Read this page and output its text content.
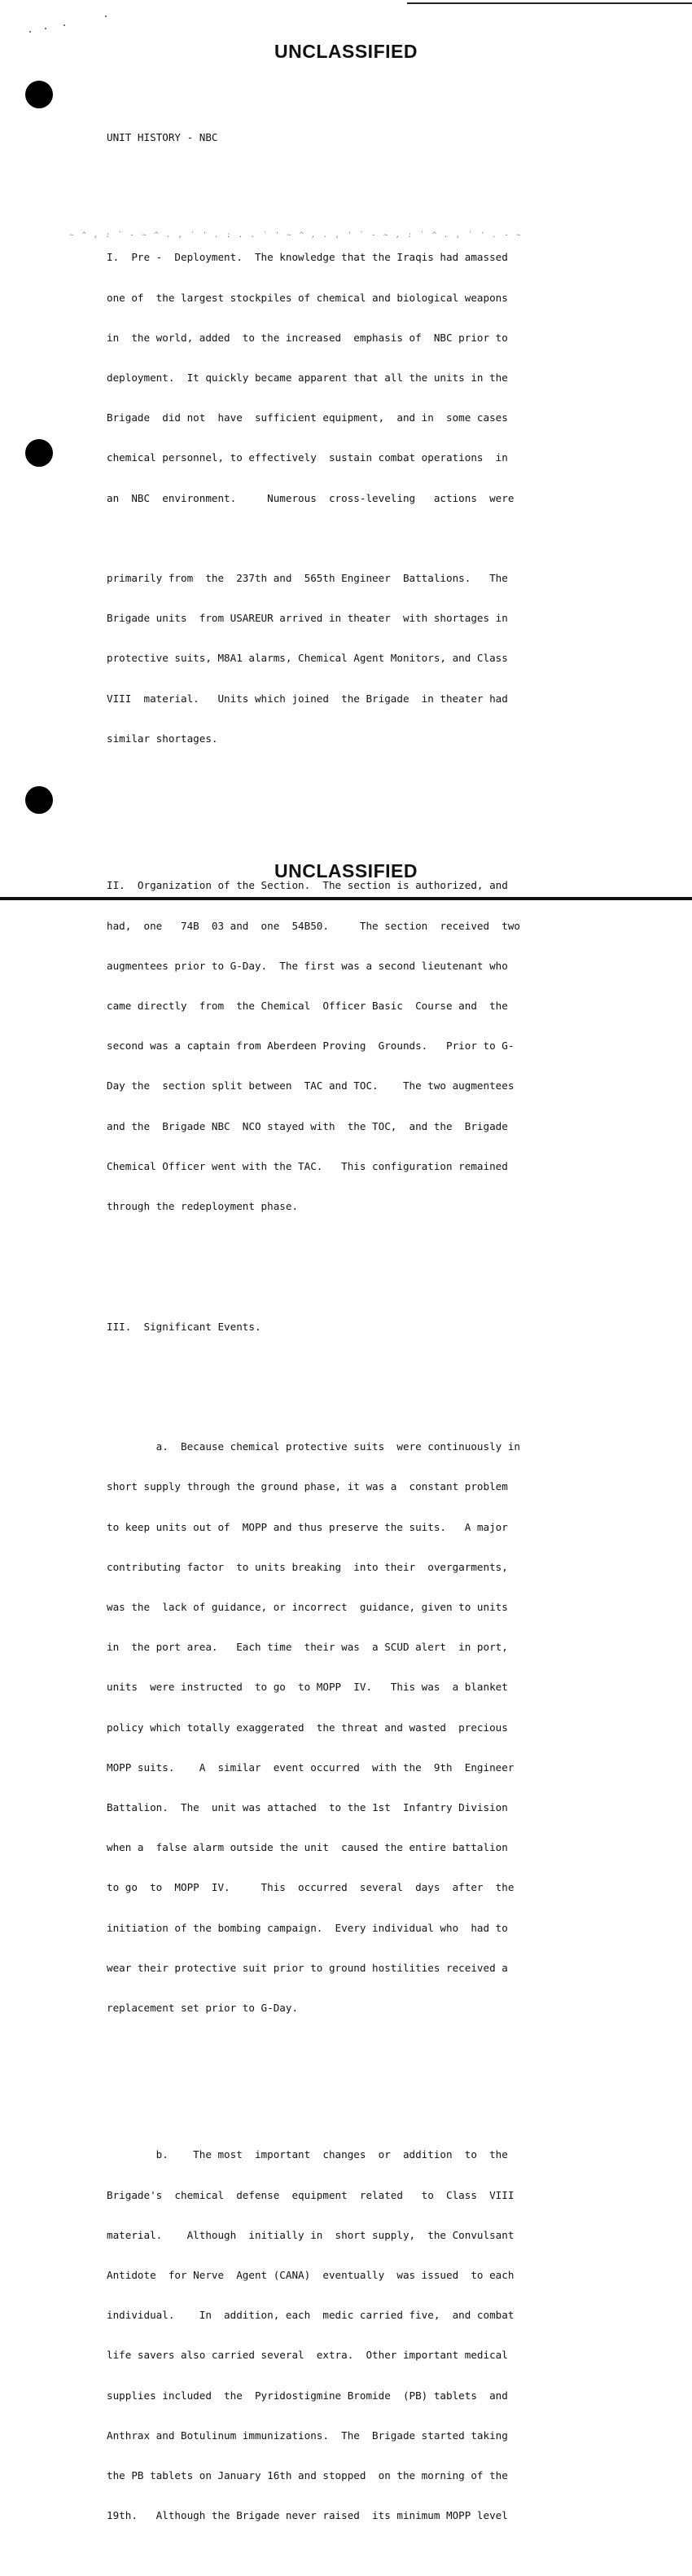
UNCLASSIFIED
~ ^ , : ` - ~ ^ . , ` ' . : . . ` ' ~ ^ , . , ' ` - ~ , : ` ^ . , ` ' . - ~

UNIT HISTORY - NBC

I.  Pre -  Deployment.  The knowledge that the Iraqis had amassed

one of  the largest stockpiles of chemical and biological weapons

in  the world, added  to the increased  emphasis of  NBC prior to

deployment.  It quickly became apparent that all the units in the

Brigade  did not  have  sufficient equipment,  and in  some cases

chemical personnel, to effectively  sustain combat operations  in

an  NBC  environment.     Numerous  cross-leveling   actions  were

primarily from  the  237th and  565th Engineer  Battalions.   The

Brigade units  from USAREUR arrived in theater  with shortages in

protective suits, M8A1 alarms, Chemical Agent Monitors, and Class

VIII  material.   Units which joined  the Brigade  in theater had

similar shortages.

II.  Organization of the Section.  The section is authorized, and

had,  one   74B  03 and  one  54B50.     The section  received  two

augmentees prior to G-Day.  The first was a second lieutenant who

came directly  from  the Chemical  Officer Basic  Course and  the

second was a captain from Aberdeen Proving  Grounds.   Prior to G-

Day the  section split between  TAC and TOC.    The two augmentees

and the  Brigade NBC  NCO stayed with  the TOC,  and the  Brigade

Chemical Officer went with the TAC.   This configuration remained

through the redeployment phase.

III.  Significant Events.

a.  Because chemical protective suits  were continuously in

short supply through the ground phase, it was a  constant problem

to keep units out of  MOPP and thus preserve the suits.   A major

contributing factor  to units breaking  into their  overgarments,

was the  lack of guidance, or incorrect  guidance, given to units

in  the port area.   Each time  their was  a SCUD alert  in port,

units  were instructed  to go  to MOPP  IV.   This was  a blanket

policy which totally exaggerated  the threat and wasted  precious

MOPP suits.    A  similar  event occurred  with the  9th  Engineer

Battalion.  The  unit was attached  to the 1st  Infantry Division

when a  false alarm outside the unit  caused the entire battalion

to go  to  MOPP  IV.     This  occurred  several  days  after  the

initiation of the bombing campaign.  Every individual who  had to

wear their protective suit prior to ground hostilities received a

replacement set prior to G-Day.

b.    The most  important  changes  or  addition  to  the

Brigade's  chemical  defense  equipment  related   to  Class  VIII

material.    Although  initially in  short supply,  the Convulsant

Antidote  for Nerve  Agent (CANA)  eventually  was issued  to each

individual.    In  addition, each  medic carried five,  and combat

life savers also carried several  extra.  Other important medical

supplies included  the  Pyridostigmine Bromide  (PB) tablets  and

Anthrax and Botulinum immunizations.  The  Brigade started taking

the PB tablets on January 16th and stopped  on the morning of the

19th.   Although the Brigade never raised  its minimum MOPP level

UNCLASSIFIED
